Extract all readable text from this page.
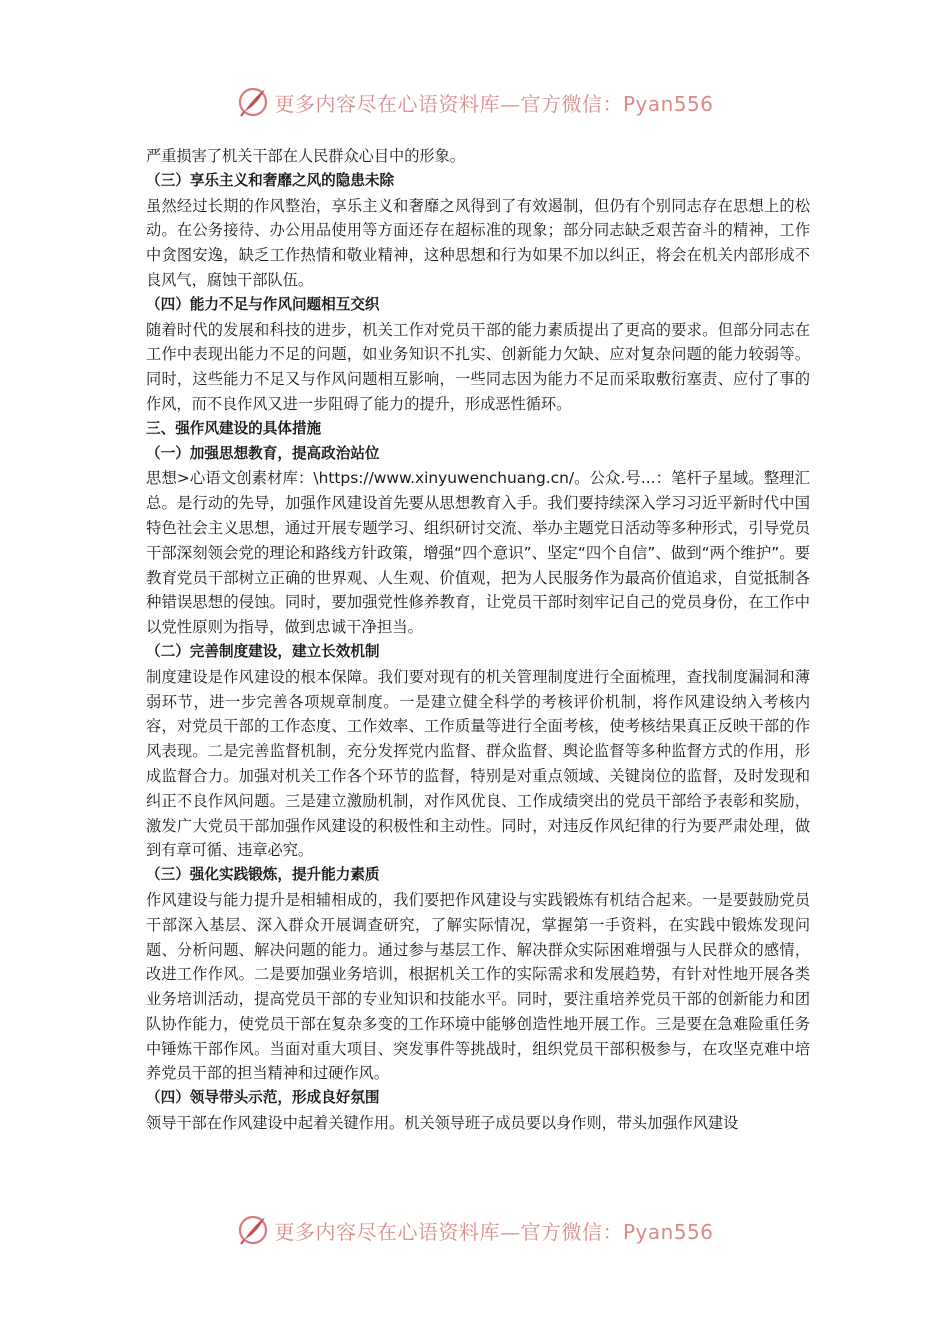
更多内容尽在心语资料库—官方微信：Pyan556

严重损害了机关干部在人民群众心目中的形象。

（三）享乐主义和奢靡之风的隐患未除

虽然经过长期的作风整治，享乐主义和奢靡之风得到了有效遏制，但仍有个别同志存在思想上的松动。在公务接待、办公用品使用等方面还存在超标准的现象；部分同志缺乏艰苦奋斗的精神，工作中贪图安逸，缺乏工作热情和敬业精神，这种思想和行为如果不加以纠正，将会在机关内部形成不良风气，腐蚀干部队伍。

（四）能力不足与作风问题相互交织

随着时代的发展和科技的进步，机关工作对党员干部的能力素质提出了更高的要求。但部分同志在工作中表现出能力不足的问题，如业务知识不扎实、创新能力欠缺、应对复杂问题的能力较弱等。同时，这些能力不足又与作风问题相互影响，一些同志因为能力不足而采取敷衍塞责、应付了事的作风，而不良作风又进一步阻碍了能力的提升，形成恶性循环。

三、强作风建设的具体措施

（一）加强思想教育，提高政治站位

思想>心语文创素材库：\https://www.xinyuwenchuang.cn/。公众.号...：笔杆子星域。整理汇总。是行动的先导，加强作风建设首先要从思想教育入手。我们要持续深入学习习近平新时代中国特色社会主义思想，通过开展专题学习、组织研讨交流、举办主题党日活动等多种形式，引导党员干部深刻领会党的理论和路线方针政策，增强“四个意识”、坚定“四个自信”、做到“两个维护”。要教育党员干部树立正确的世界观、人生观、价值观，把为人民服务作为最高价值追求，自觉抵制各种错误思想的侵蚀。同时，要加强党性修养教育，让党员干部时刻牢记自己的党员身份，在工作中以党性原则为指导，做到忠诚干净担当。

（二）完善制度建设，建立长效机制

制度建设是作风建设的根本保障。我们要对现有的机关管理制度进行全面梳理，查找制度漏洞和薄弱环节，进一步完善各项规章制度。一是建立健全科学的考核评价机制，将作风建设纳入考核内容，对党员干部的工作态度、工作效率、工作质量等进行全面考核，使考核结果真正反映干部的作风表现。二是完善监督机制，充分发挥党内监督、群众监督、舆论监督等多种监督方式的作用，形成监督合力。加强对机关工作各个环节的监督，特别是对重点领域、关键岗位的监督，及时发现和纠正不良作风问题。三是建立激励机制，对作风优良、工作成绩突出的党员干部给予表彰和奖励，激发广大党员干部加强作风建设的积极性和主动性。同时，对违反作风纪律的行为要严肃处理，做到有章可循、违章必究。

（三）强化实践锻炼，提升能力素质

作风建设与能力提升是相辅相成的，我们要把作风建设与实践锻炼有机结合起来。一是要鼓励党员干部深入基层、深入群众开展调查研究，了解实际情况，掌握第一手资料，在实践中锻炼发现问题、分析问题、解决问题的能力。通过参与基层工作、解决群众实际困难增强与人民群众的感情，改进工作作风。二是要加强业务培训，根据机关工作的实际需求和发展趋势，有针对性地开展各类业务培训活动，提高党员干部的专业知识和技能水平。同时，要注重培养党员干部的创新能力和团队协作能力，使党员干部在复杂多变的工作环境中能够创造性地开展工作。三是要在急难险重任务中锤炼干部作风。当面对重大项目、突发事件等挑战时，组织党员干部积极参与，在攻坚克难中培养党员干部的担当精神和过硬作风。

（四）领导带头示范，形成良好氛围

领导干部在作风建设中起着关键作用。机关领导班子成员要以身作则，带头加强作风建设

更多内容尽在心语资料库—官方微信：Pyan556
